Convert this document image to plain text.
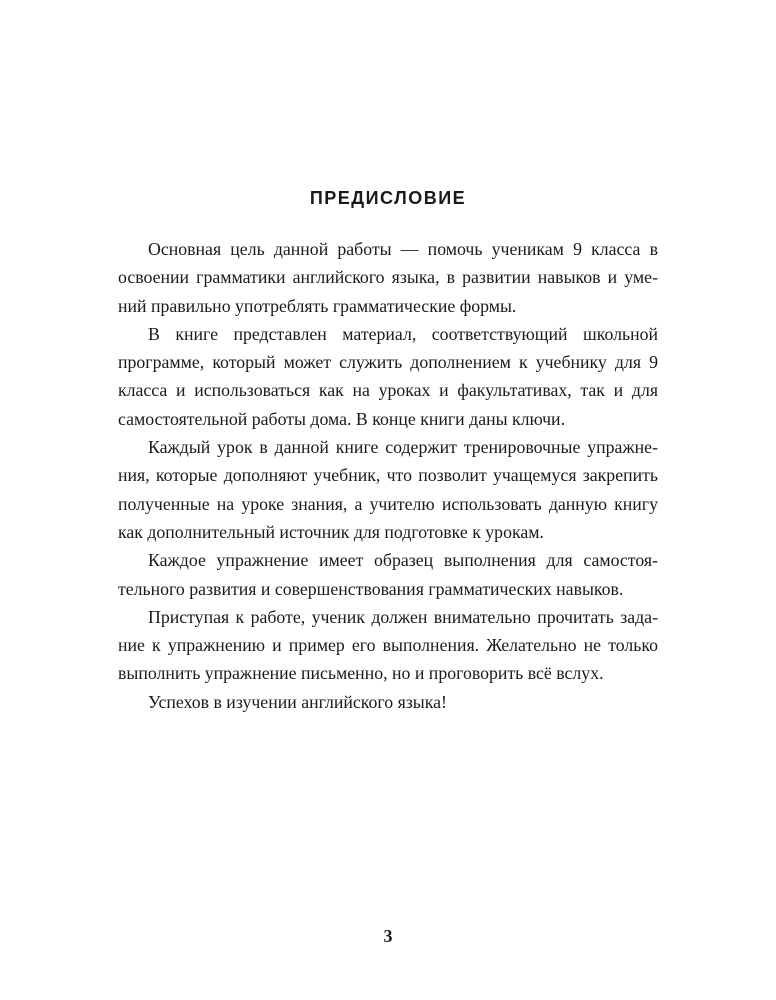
ПРЕДИСЛОВИЕ

Основная цель данной работы — помочь ученикам 9 класса в освоении грамматики английского языка, в развитии навыков и умений правильно употреблять грамматические формы.

В книге представлен материал, соответствующий школьной программе, который может служить дополнением к учебнику для 9 класса и использоваться как на уроках и факультативах, так и для самостоятельной работы дома. В конце книги даны ключи.

Каждый урок в данной книге содержит тренировочные упражнения, которые дополняют учебник, что позволит учащемуся закрепить полученные на уроке знания, а учителю использовать данную книгу как дополнительный источник для подготовке к урокам.

Каждое упражнение имеет образец выполнения для самостоятельного развития и совершенствования грамматических навыков.

Приступая к работе, ученик должен внимательно прочитать задание к упражнению и пример его выполнения. Желательно не только выполнить упражнение письменно, но и проговорить всё вслух.

Успехов в изучении английского языка!

3
